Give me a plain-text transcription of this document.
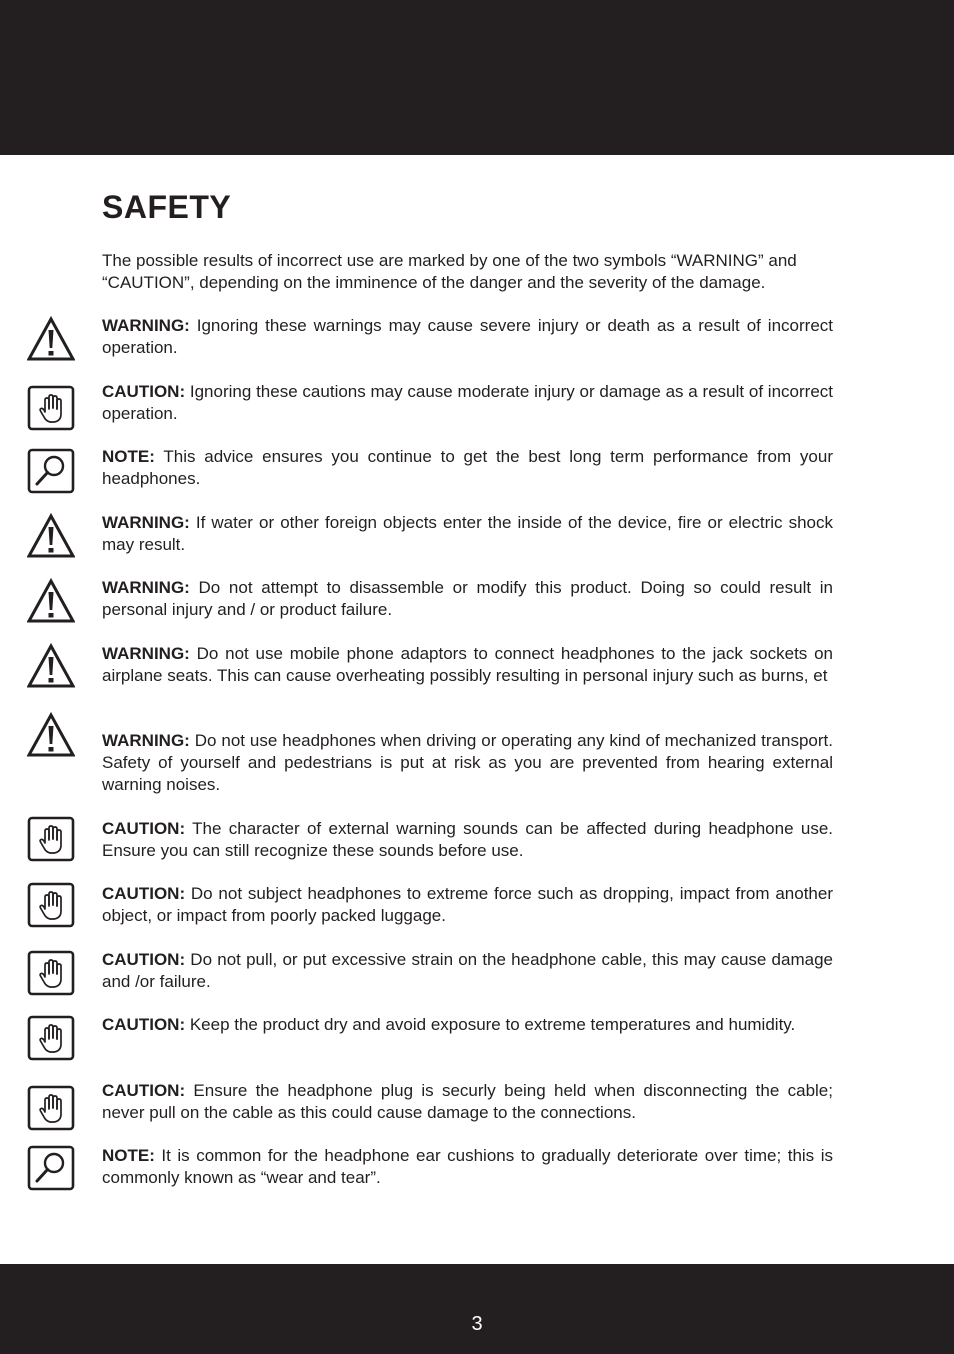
SAFETY

The possible results of incorrect use are marked by one of the two symbols “WARNING” and “CAUTION”, depending on the imminence of the danger and the severity of the damage.

WARNING: Ignoring these warnings may cause severe injury or death as a result of incorrect operation.

CAUTION: Ignoring these cautions may cause moderate injury or damage as a result of incorrect operation.

NOTE: This advice ensures you continue to get the best long term performance from your headphones.

WARNING: If water or other foreign objects enter the inside of the device, fire or electric shock may result.

WARNING: Do not attempt to disassemble or modify this product. Doing so could result in personal injury and / or product failure.

WARNING: Do not use mobile phone adaptors to connect headphones to the jack sockets on airplane seats. This can cause overheating possibly resulting in personal injury such as burns, et

WARNING: Do not use headphones when driving or operating any kind of mechanized transport. Safety of yourself and pedestrians is put at risk as you are prevented from hearing external warning noises.

CAUTION: The character of external warning sounds can be affected during headphone use. Ensure you can still recognize these sounds before use.

CAUTION: Do not subject headphones to extreme force such as dropping, impact from another object, or impact from poorly packed luggage.

CAUTION: Do not pull, or put excessive strain on the headphone cable, this may cause damage and /or failure.

CAUTION: Keep the product dry and avoid exposure to extreme temperatures and humidity.

CAUTION: Ensure the headphone plug is securly being held when disconnecting the cable; never pull on the cable as this could cause damage to the connections.

NOTE: It is common for the headphone ear cushions to gradually deteriorate over time; this is commonly known as “wear and tear”.

3
